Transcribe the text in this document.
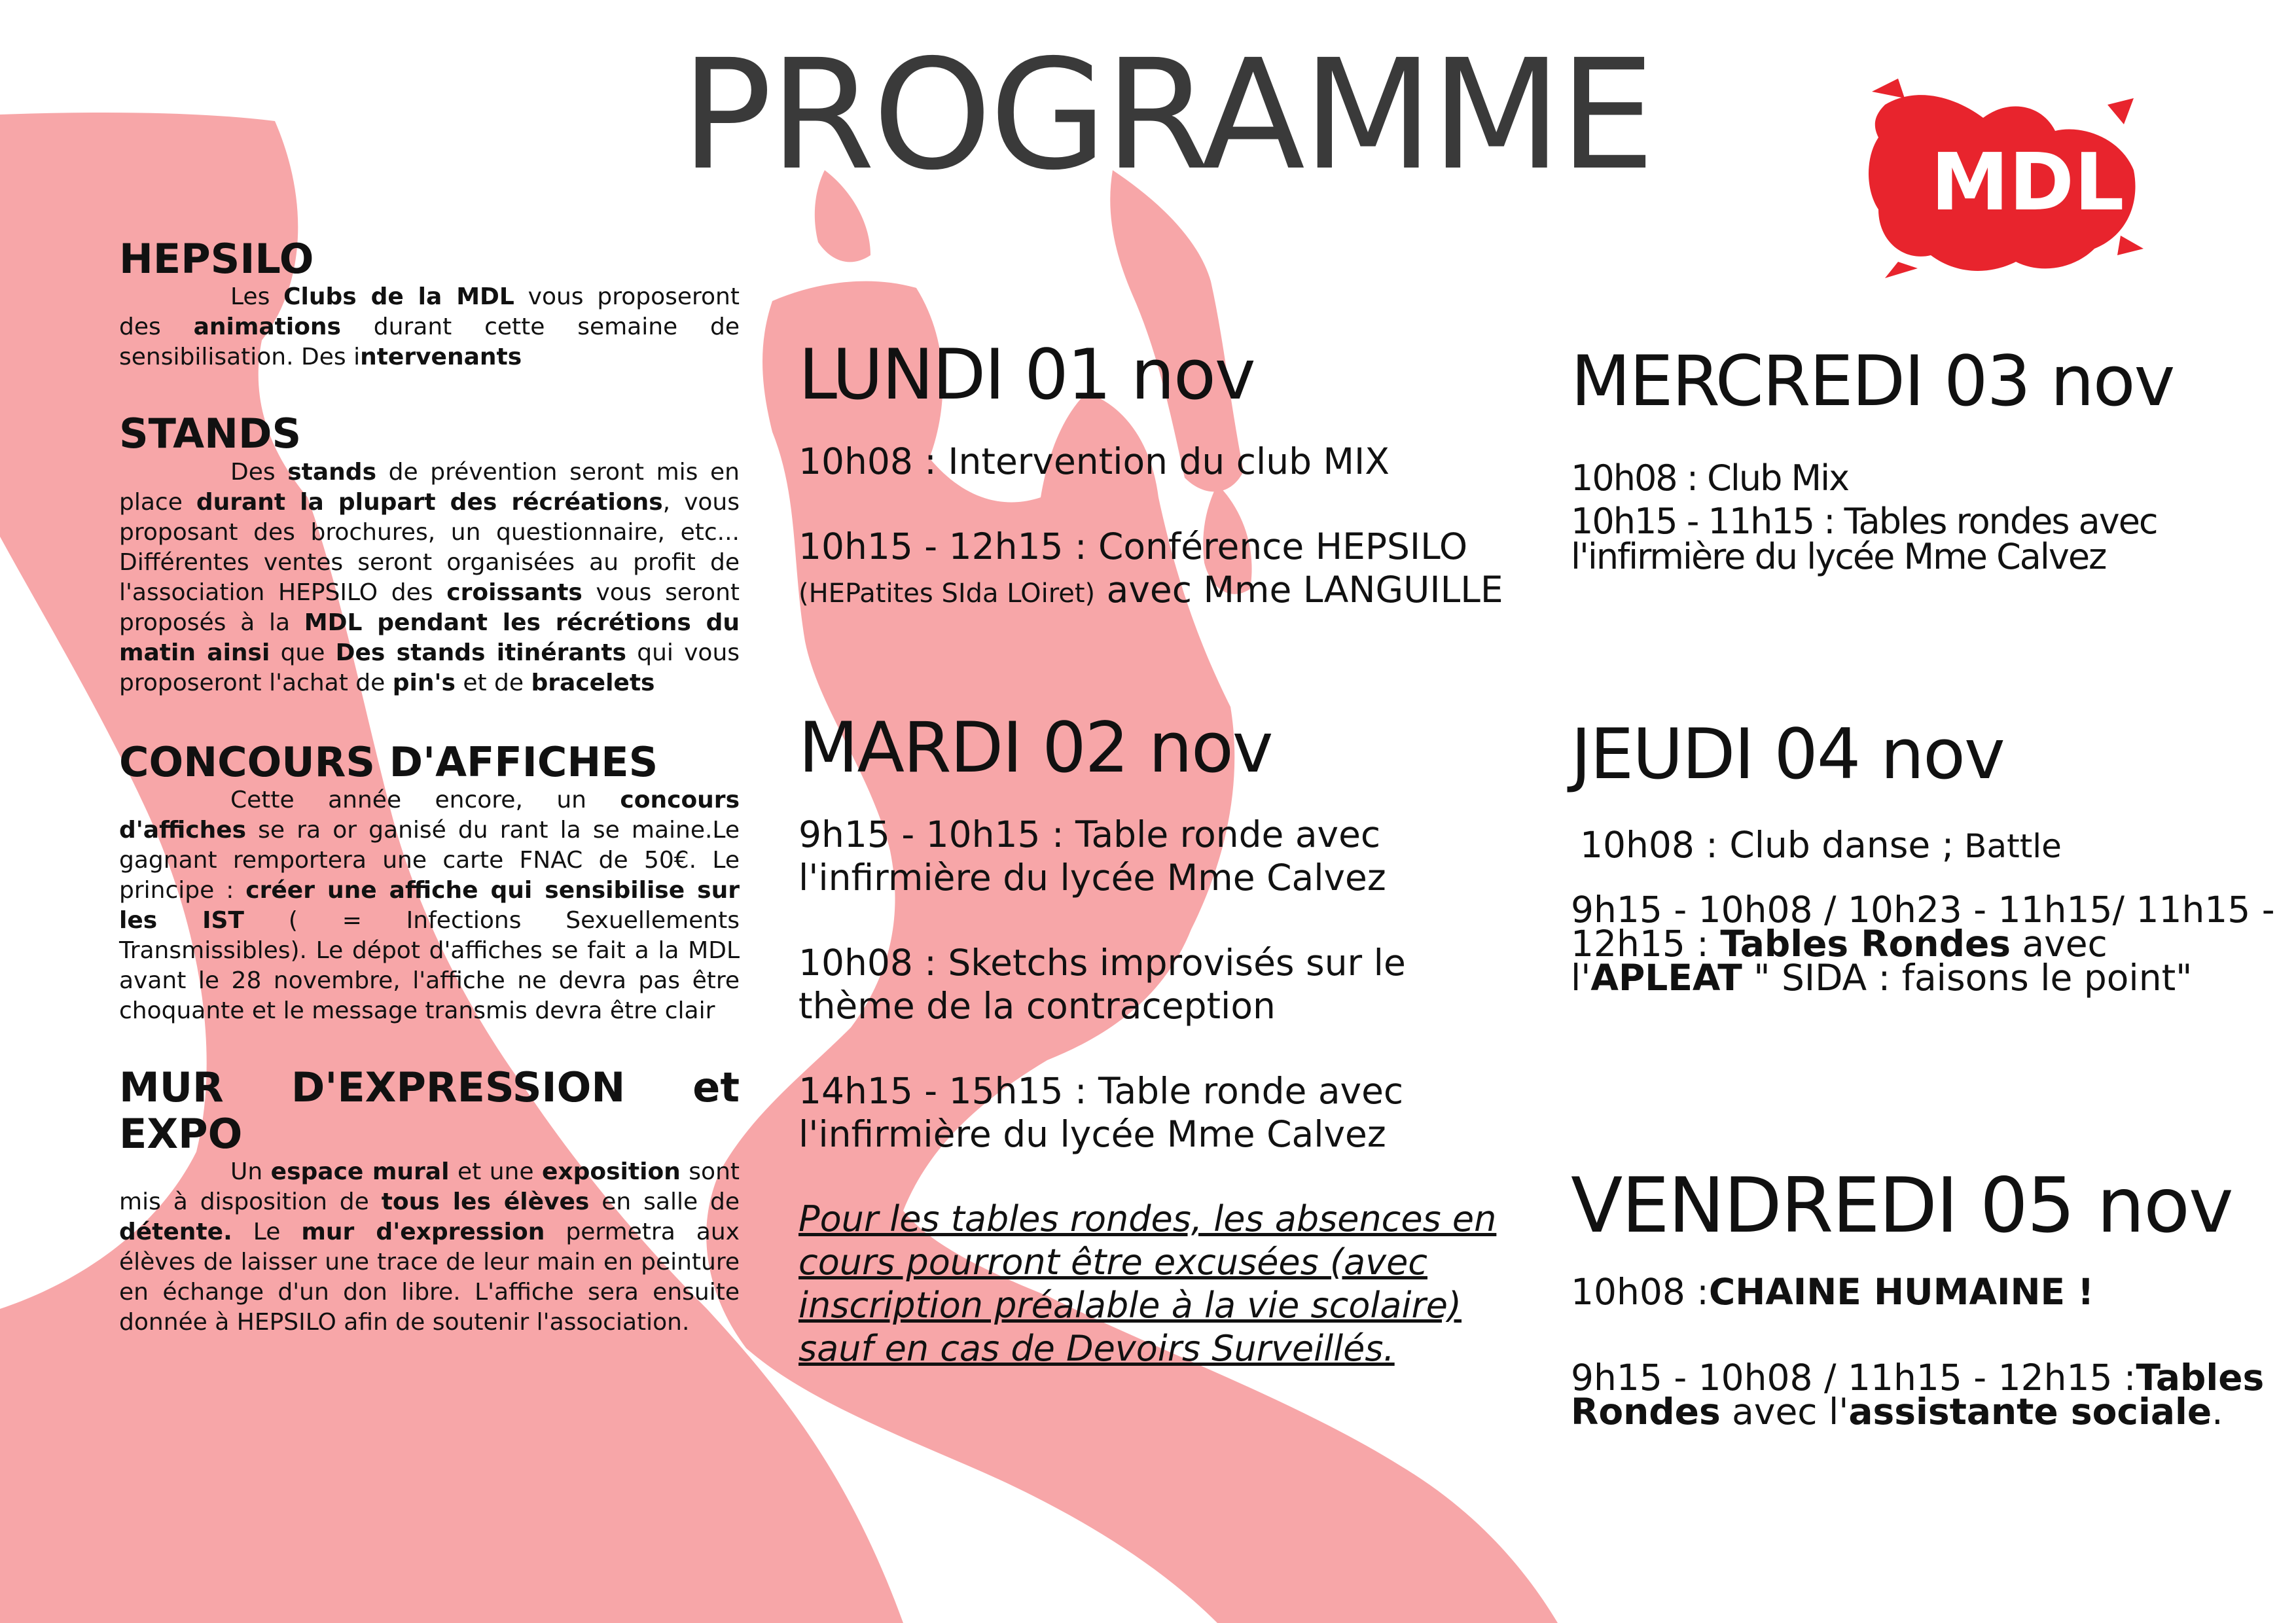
PROGRAMME	MDL
HEPSILO

Les Clubs de la MDL vous proposeront des animations durant cette semaine de sensibilisation. Des intervenants

STANDS

Des stands de prévention seront mis en place durant la plupart des récréations, vous proposant des brochures, un questionnaire, etc... Différentes ventes seront organisées au profit de l'association HEPSILO des croissants vous seront proposés à la MDL pendant les récrétions du matin ainsi que Des stands itinérants qui vous proposeront l'achat de pin's et de bracelets

CONCOURS D'AFFICHES

Cette année encore, un concours d'affiches se ra or ganisé du rant la se maine.Le gagnant remportera une carte FNAC de 50€. Le principe : créer une affiche qui sensibilise sur les IST ( = Infections Sexuellements Transmissibles). Le dépot d'affiches se fait a la MDL avant le 28 novembre, l'affiche ne devra pas être choquante et le message transmis devra être clair

MUR D'EXPRESSION et EXPO

Un espace mural et une exposition sont mis à disposition de tous les élèves en salle de détente. Le mur d'expression permetra aux élèves de laisser une trace de leur main en peinture en échange d'un don libre. L'affiche sera ensuite donnée à HEPSILO afin de soutenir l'association.

LUNDI 01 nov

10h08 : Intervention du club MIX

10h15 - 12h15 : Conférence HEPSILO
(HEPatites SIda LOiret) avec Mme LANGUILLE

MARDI 02 nov

9h15 - 10h15 : Table ronde avec l'infirmière du lycée Mme Calvez

10h08 : Sketchs improvisés sur le thème de la contraception

14h15 - 15h15 : Table ronde avec l'infirmière du lycée Mme Calvez

Pour les tables rondes, les absences en cours pourront être excusées (avec inscription préalable à la vie scolaire) sauf en cas de Devoirs Surveillés.

MERCREDI 03 nov

10h08 : Club Mix

10h15 - 11h15 : Tables rondes avec l'infirmière du lycée Mme Calvez

JEUDI 04 nov

10h08 : Club danse ; Battle

9h15 - 10h08 / 10h23 - 11h15/ 11h15 - 12h15 : Tables Rondes avec l'APLEAT " SIDA : faisons le point"

VENDREDI 05 nov

10h08 :CHAINE HUMAINE !

9h15 - 10h08 / 11h15 - 12h15 :Tables Rondes avec l'assistante sociale.
